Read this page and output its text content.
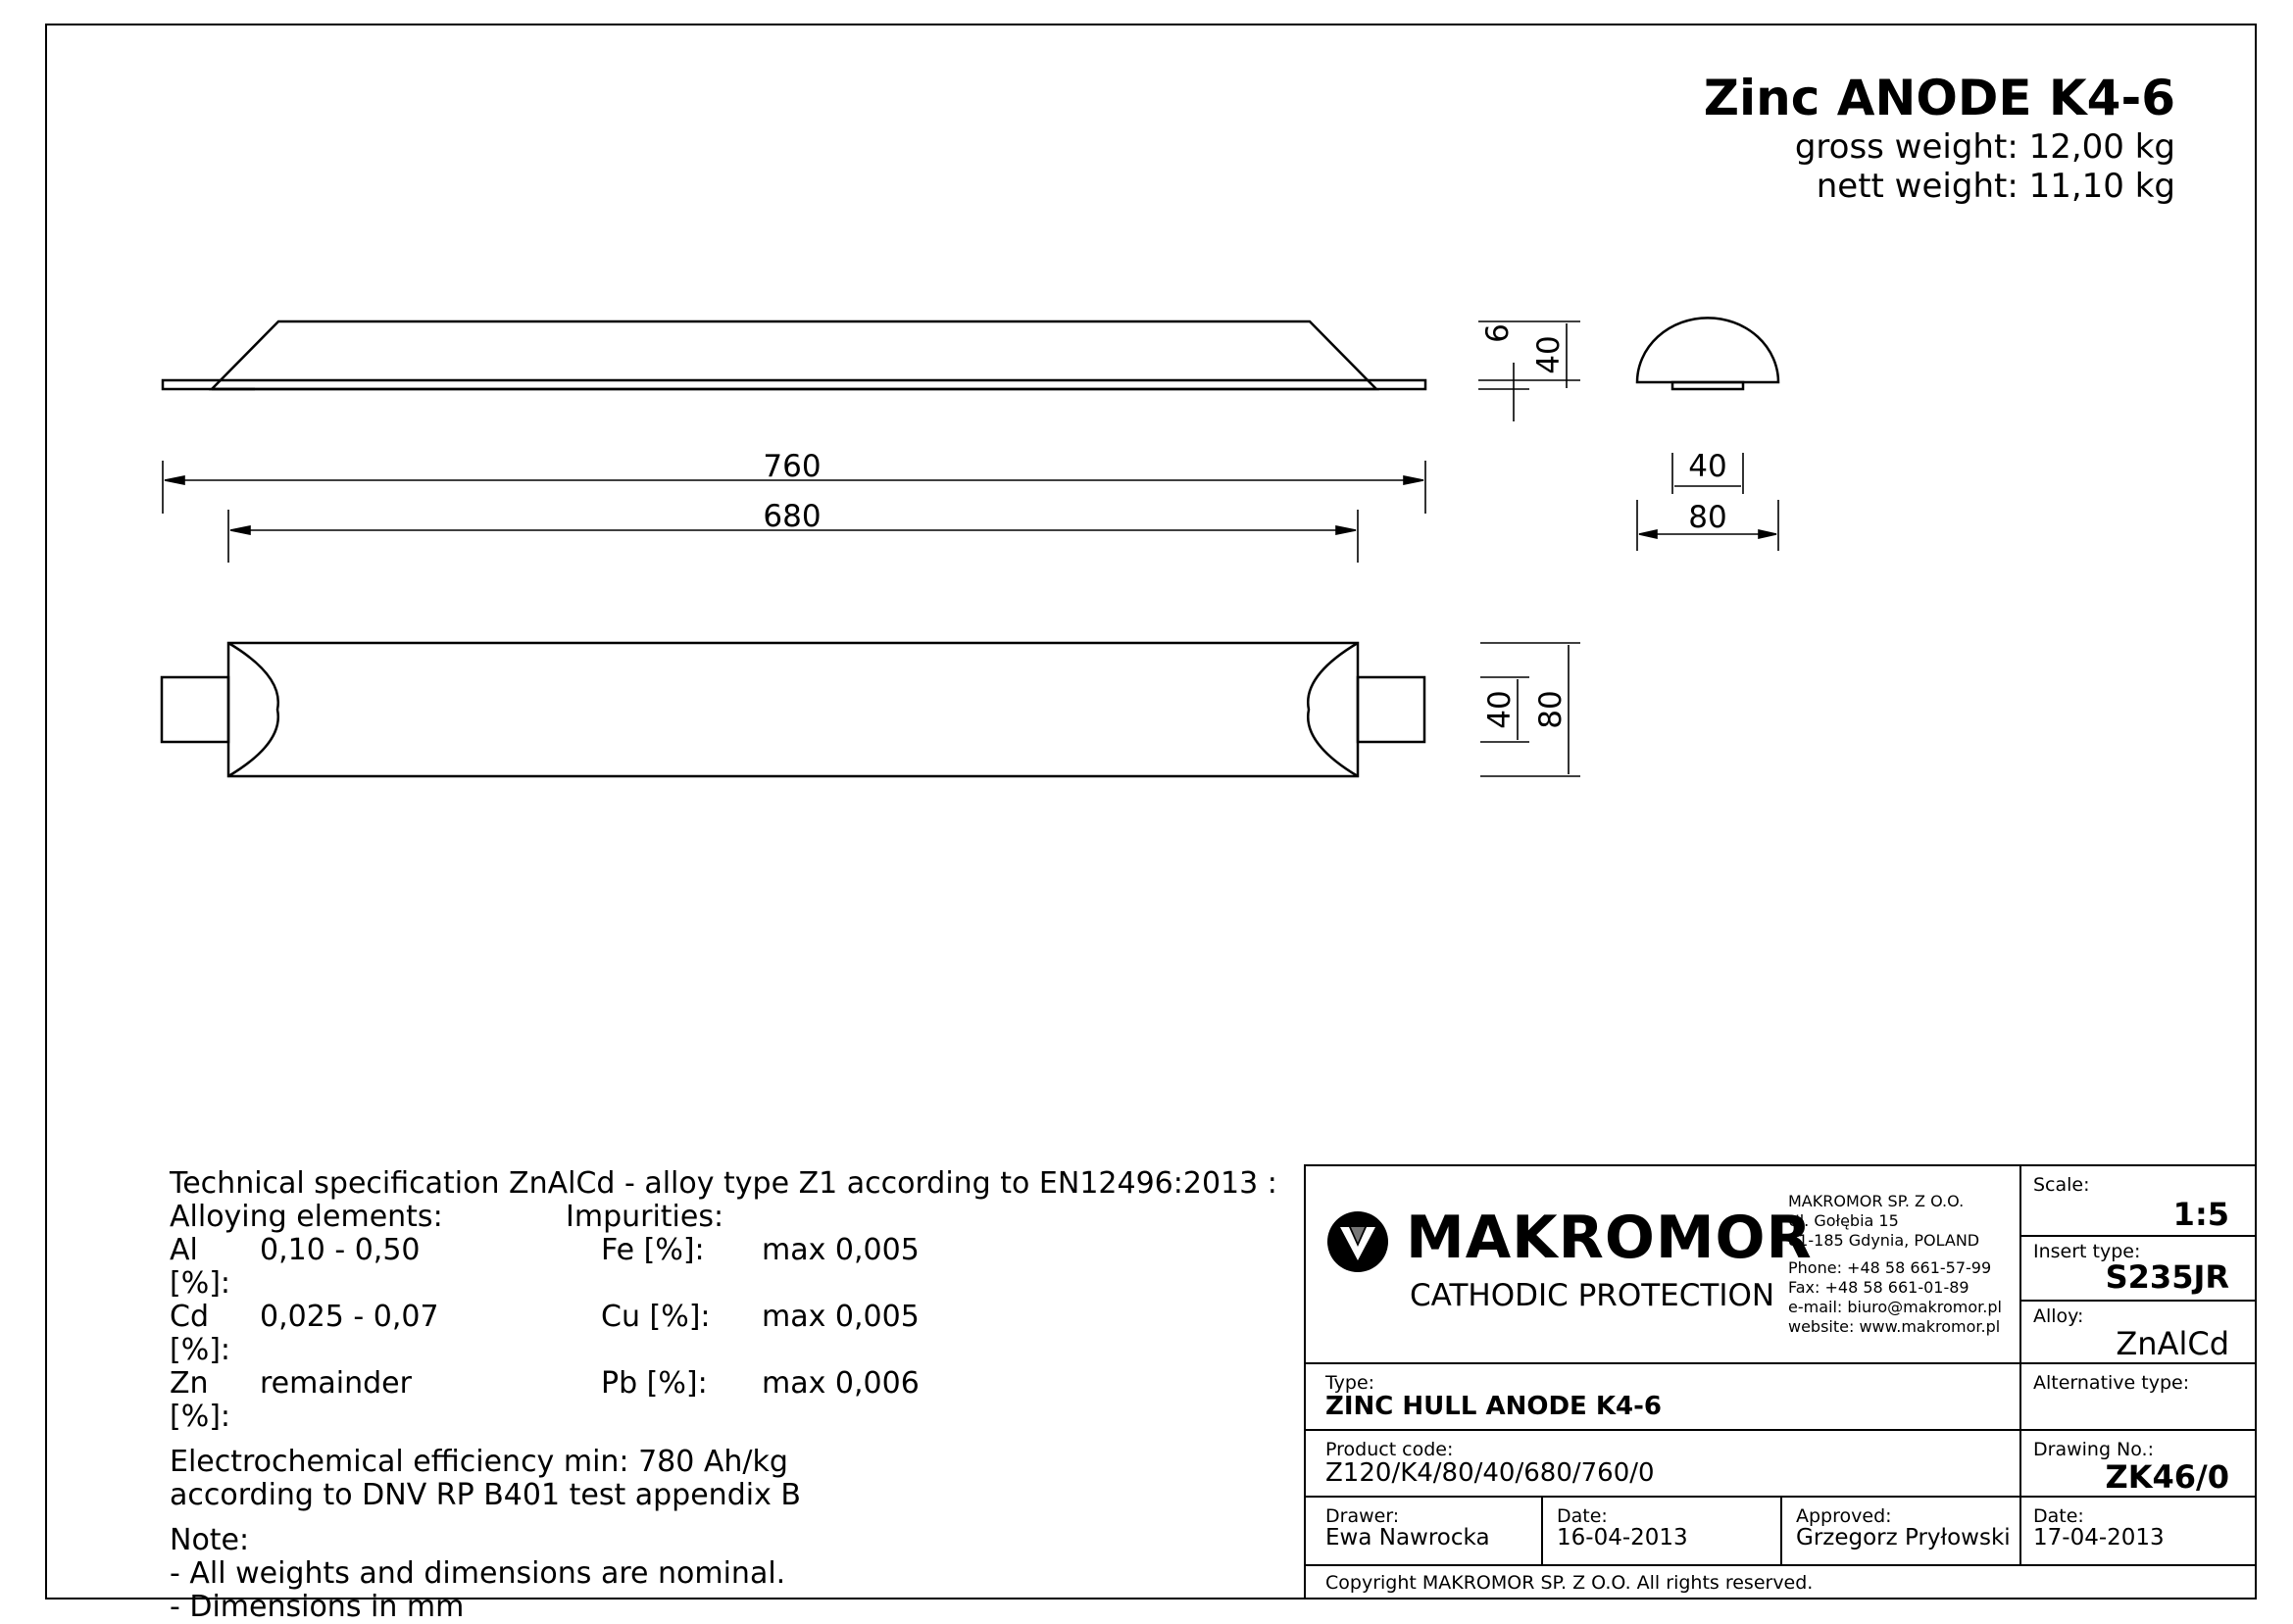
Zinc ANODE K4-6
gross weight: 12,00 kg
nett weight: 11,10 kg
760
680
6
40
40 80
40
80
Technical specification ZnAlCd - alloy type Z1 according to EN12496:2013 :
Alloying elements:	Impurities:
Al [%]:
0,10 - 0,50	Fe [%]:	max 0,005
Cd [%]:
0,025 - 0,07	Cu [%]:	max 0,005
Zn [%]:
remainder	Pb [%]:	max 0,006
Electrochemical efficiency min: 780 Ah/kg
according to DNV RP B401 test appendix B
Note:
- All weights and dimensions are nominal.
- Dimensions in mm
MAKROMOR
CATHODIC PROTECTION
MAKROMOR SP. Z O.O.
Ul. Gołębia 15
81-185 Gdynia, POLAND
Phone: +48 58 661-57-99
Fax: +48 58 661-01-89
e-mail: biuro@makromor.pl
website: www.makromor.pl
Scale:
1:5
Insert type:
S235JR
Alloy:
ZnAlCd
Type:
ZINC HULL ANODE K4-6
Alternative type:
Product code:
Z120/K4/80/40/680/760/0
Drawing No.:
ZK46/0
Drawer:
Ewa Nawrocka
Date:
16-04-2013
Approved:
Grzegorz Pryłowski
Date:
17-04-2013
Copyright MAKROMOR SP. Z O.O. All rights reserved.
